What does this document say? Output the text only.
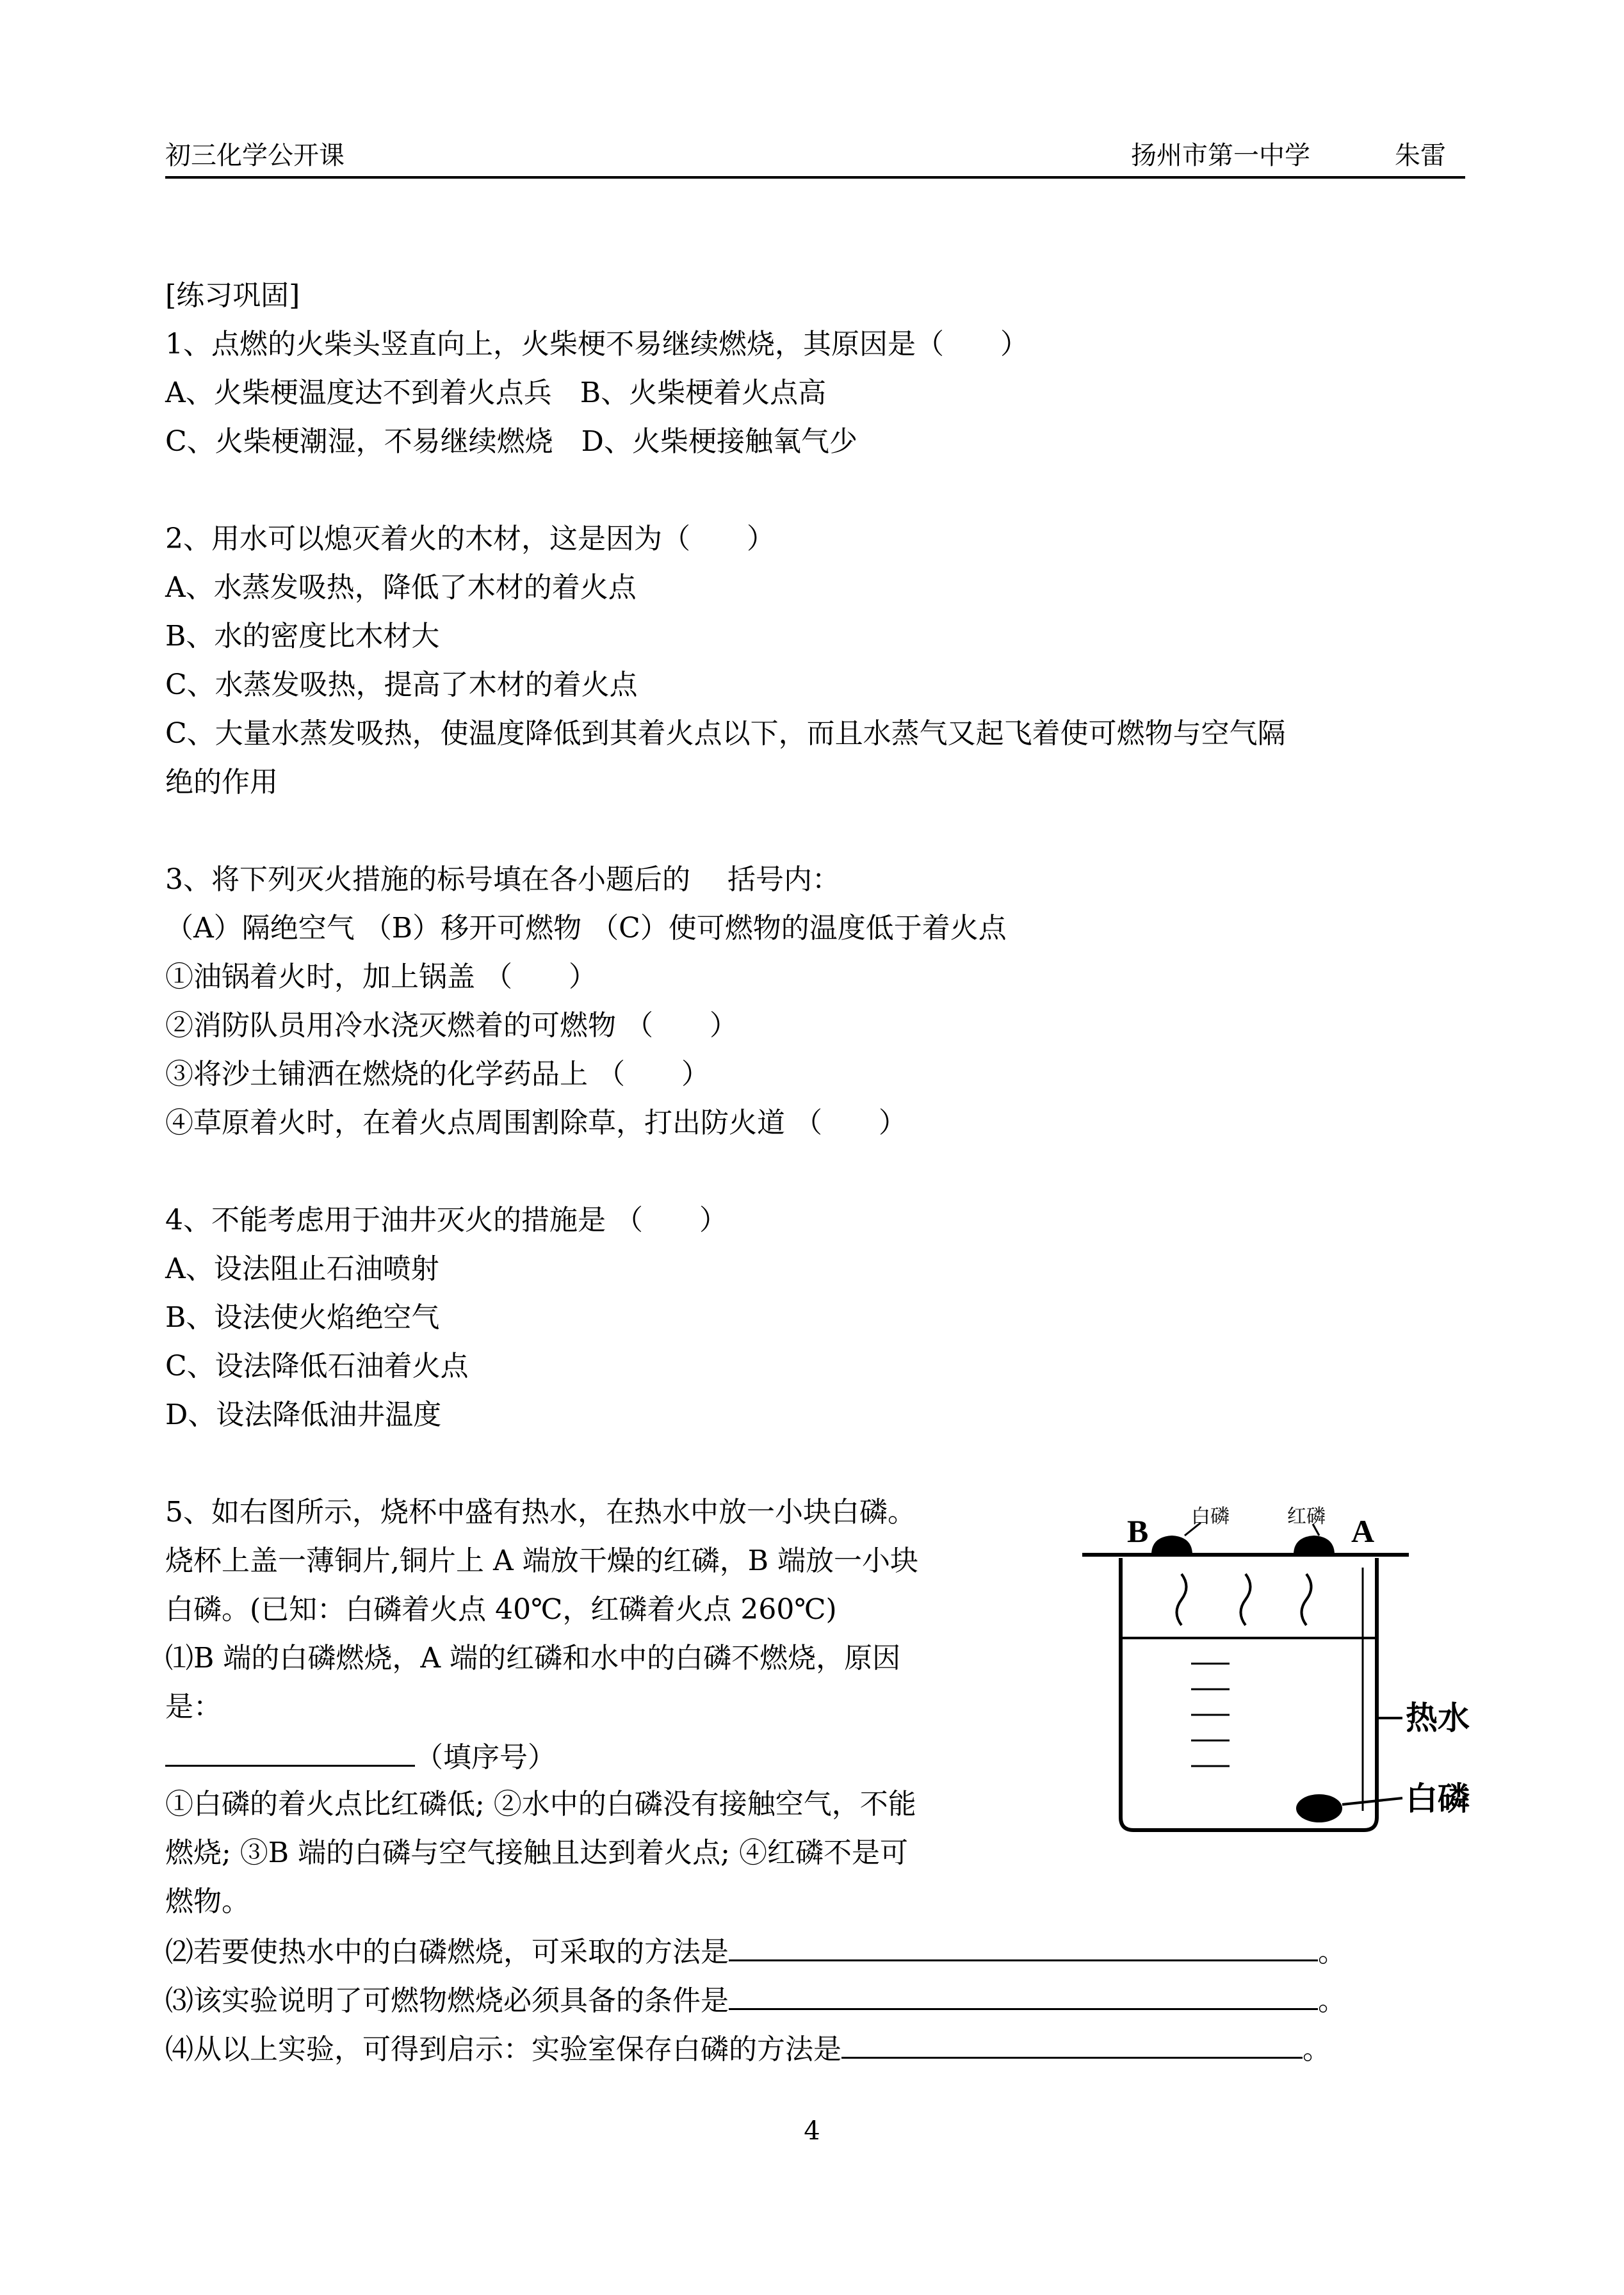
初三化学公开课	扬州市第一中学	朱雷
[练习巩固]
1、点燃的火柴头竖直向上，火柴梗不易继续燃烧，其原因是（　　）
A、火柴梗温度达不到着火点兵　B、火柴梗着火点高
C、火柴梗潮湿，不易继续燃烧　D、火柴梗接触氧气少
2、用水可以熄灭着火的木材，这是因为（　　）
A、水蒸发吸热，降低了木材的着火点
B、水的密度比木材大
C、水蒸发吸热，提高了木材的着火点
C、大量水蒸发吸热，使温度降低到其着火点以下，而且水蒸气又起飞着使可燃物与空气隔
绝的作用
3、将下列灭火措施的标号填在各小题后的　 括号内：
（A）隔绝空气 （B）移开可燃物 （C）使可燃物的温度低于着火点
①油锅着火时，加上锅盖 （　　）
②消防队员用冷水浇灭燃着的可燃物 （　　）
③将沙土铺洒在燃烧的化学药品上 （　　）
④草原着火时，在着火点周围割除草，打出防火道 （　　）
4、不能考虑用于油井灭火的措施是 （　　）
A、设法阻止石油喷射
B、设法使火焰绝空气
C、设法降低石油着火点
D、设法降低油井温度
5、如右图所示，烧杯中盛有热水，在热水中放一小块白磷。
烧杯上盖一薄铜片,铜片上 A 端放干燥的红磷，B 端放一小块
白磷。(已知：白磷着火点 40℃，红磷着火点 260℃)
⑴B 端的白磷燃烧，A 端的红磷和水中的白磷不燃烧，原因
是：
（填序号）
①白磷的着火点比红磷低; ②水中的白磷没有接触空气，不能
燃烧; ③B 端的白磷与空气接触且达到着火点; ④红磷不是可
燃物。
⑵若要使热水中的白磷燃烧，可采取的方法是	。
⑶该实验说明了可燃物燃烧必须具备的条件是	。
⑷从以上实验，可得到启示：实验室保存白磷的方法是	。
B	A
白磷	红磷
热水
白磷
4
